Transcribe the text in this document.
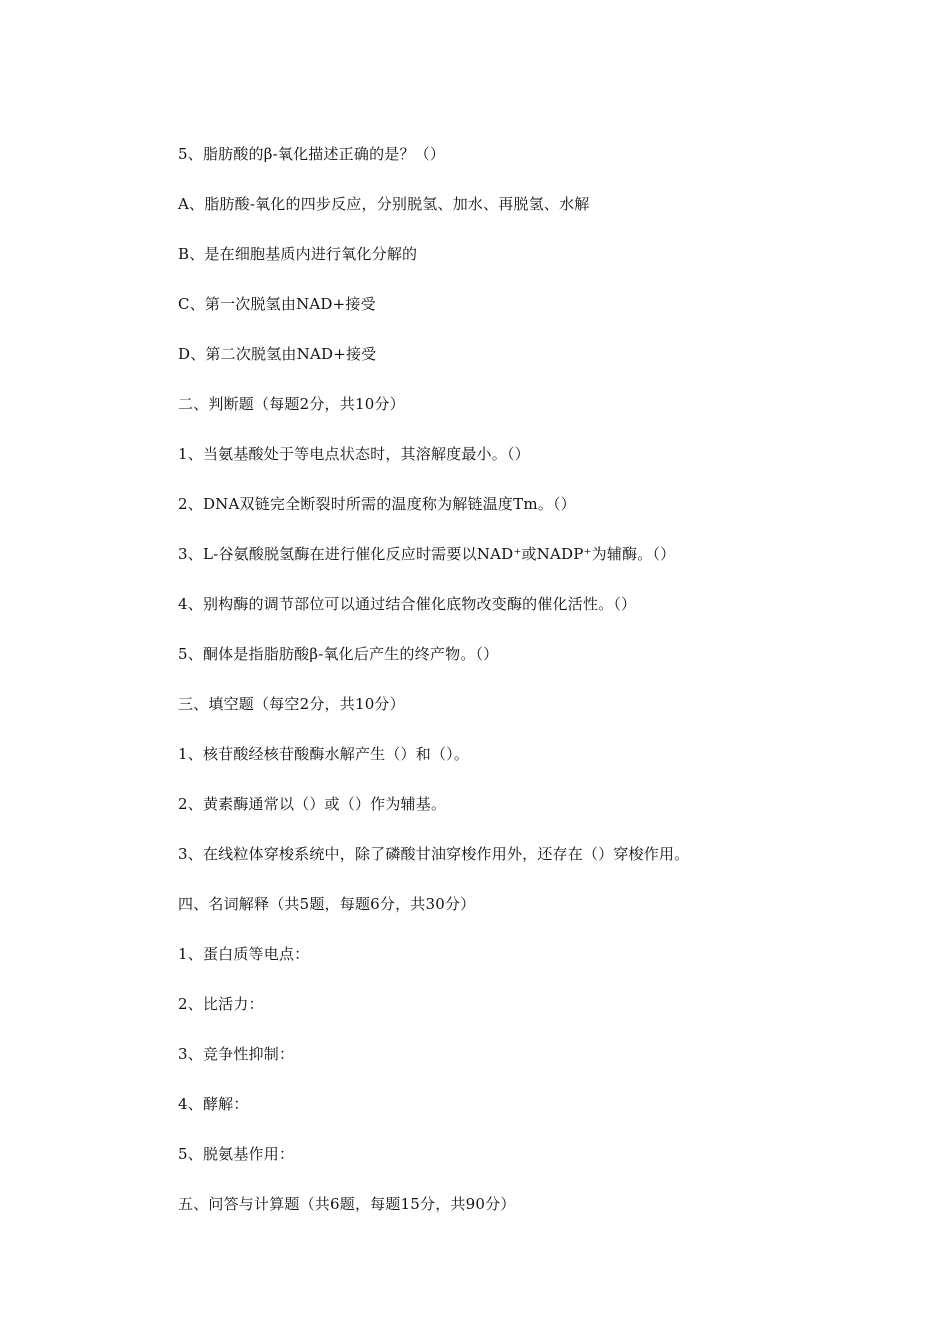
5、脂肪酸的β-氧化描述正确的是？（）
A、脂肪酸-氧化的四步反应，分别脱氢、加水、再脱氢、水解
B、是在细胞基质内进行氧化分解的
C、第一次脱氢由NAD+接受
D、第二次脱氢由NAD+接受
二、判断题（每题2分，共10分）
1、当氨基酸处于等电点状态时，其溶解度最小。（）
2、DNA双链完全断裂时所需的温度称为解链温度Tm。（）
3、L-谷氨酸脱氢酶在进行催化反应时需要以NAD⁺或NADP⁺为辅酶。（）
4、别构酶的调节部位可以通过结合催化底物改变酶的催化活性。（）
5、酮体是指脂肪酸β-氧化后产生的终产物。（）
三、填空题（每空2分，共10分）
1、核苷酸经核苷酸酶水解产生（）和（）。
2、黄素酶通常以（）或（）作为辅基。
3、在线粒体穿梭系统中，除了磷酸甘油穿梭作用外，还存在（）穿梭作用。
四、名词解释（共5题，每题6分，共30分）
1、蛋白质等电点：
2、比活力：
3、竞争性抑制：
4、酵解：
5、脱氨基作用：
五、问答与计算题（共6题，每题15分，共90分）
